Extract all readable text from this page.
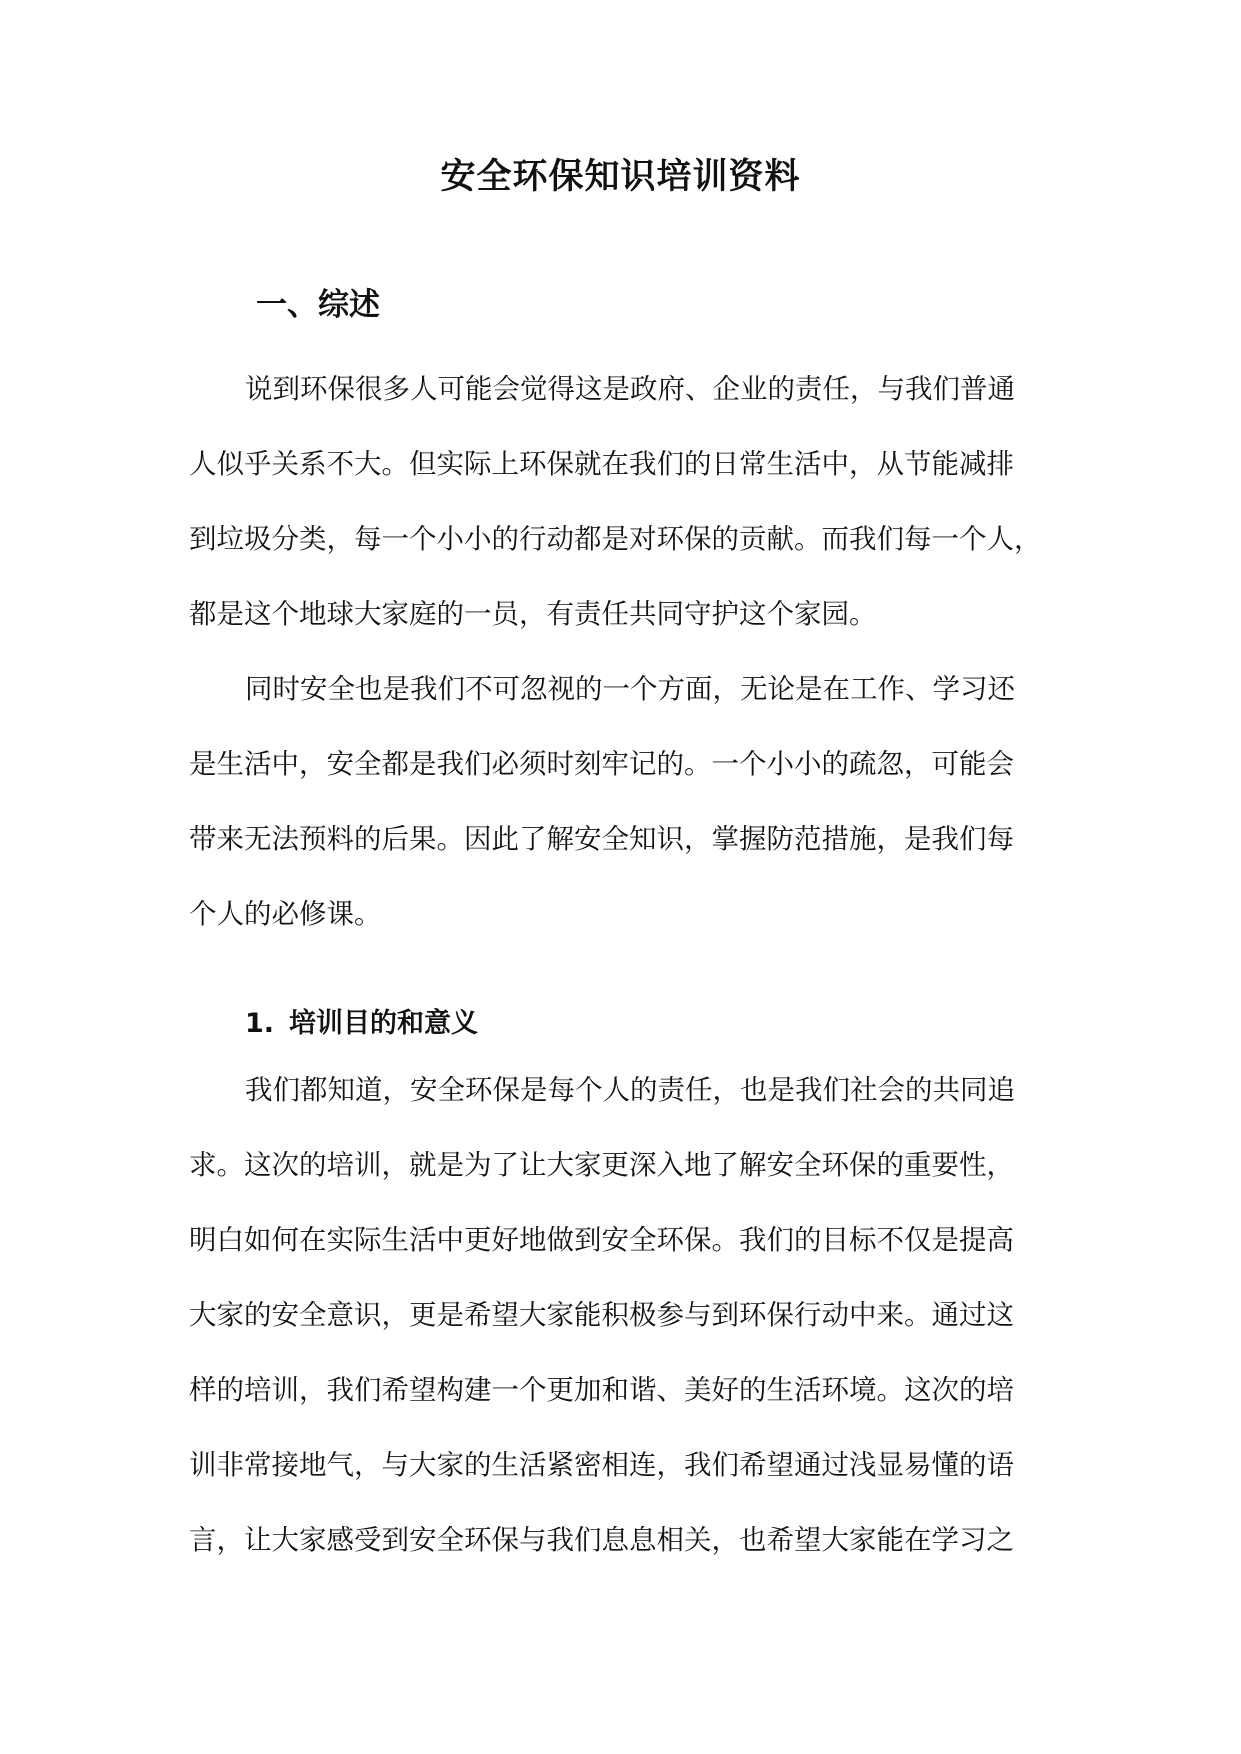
安全环保知识培训资料
一、综述

说到环保很多人可能会觉得这是政府、企业的责任，与我们普通
人似乎关系不大。但实际上环保就在我们的日常生活中，从节能减排
到垃圾分类，每一个小小的行动都是对环保的贡献。而我们每一个人，
都是这个地球大家庭的一员，有责任共同守护这个家园。

同时安全也是我们不可忽视的一个方面，无论是在工作、学习还
是生活中，安全都是我们必须时刻牢记的。一个小小的疏忽，可能会
带来无法预料的后果。因此了解安全知识，掌握防范措施，是我们每
个人的必修课。

1. 培训目的和意义

我们都知道，安全环保是每个人的责任，也是我们社会的共同追
求。这次的培训，就是为了让大家更深入地了解安全环保的重要性，
明白如何在实际生活中更好地做到安全环保。我们的目标不仅是提高
大家的安全意识，更是希望大家能积极参与到环保行动中来。通过这
样的培训，我们希望构建一个更加和谐、美好的生活环境。这次的培
训非常接地气，与大家的生活紧密相连，我们希望通过浅显易懂的语
言，让大家感受到安全环保与我们息息相关，也希望大家能在学习之
